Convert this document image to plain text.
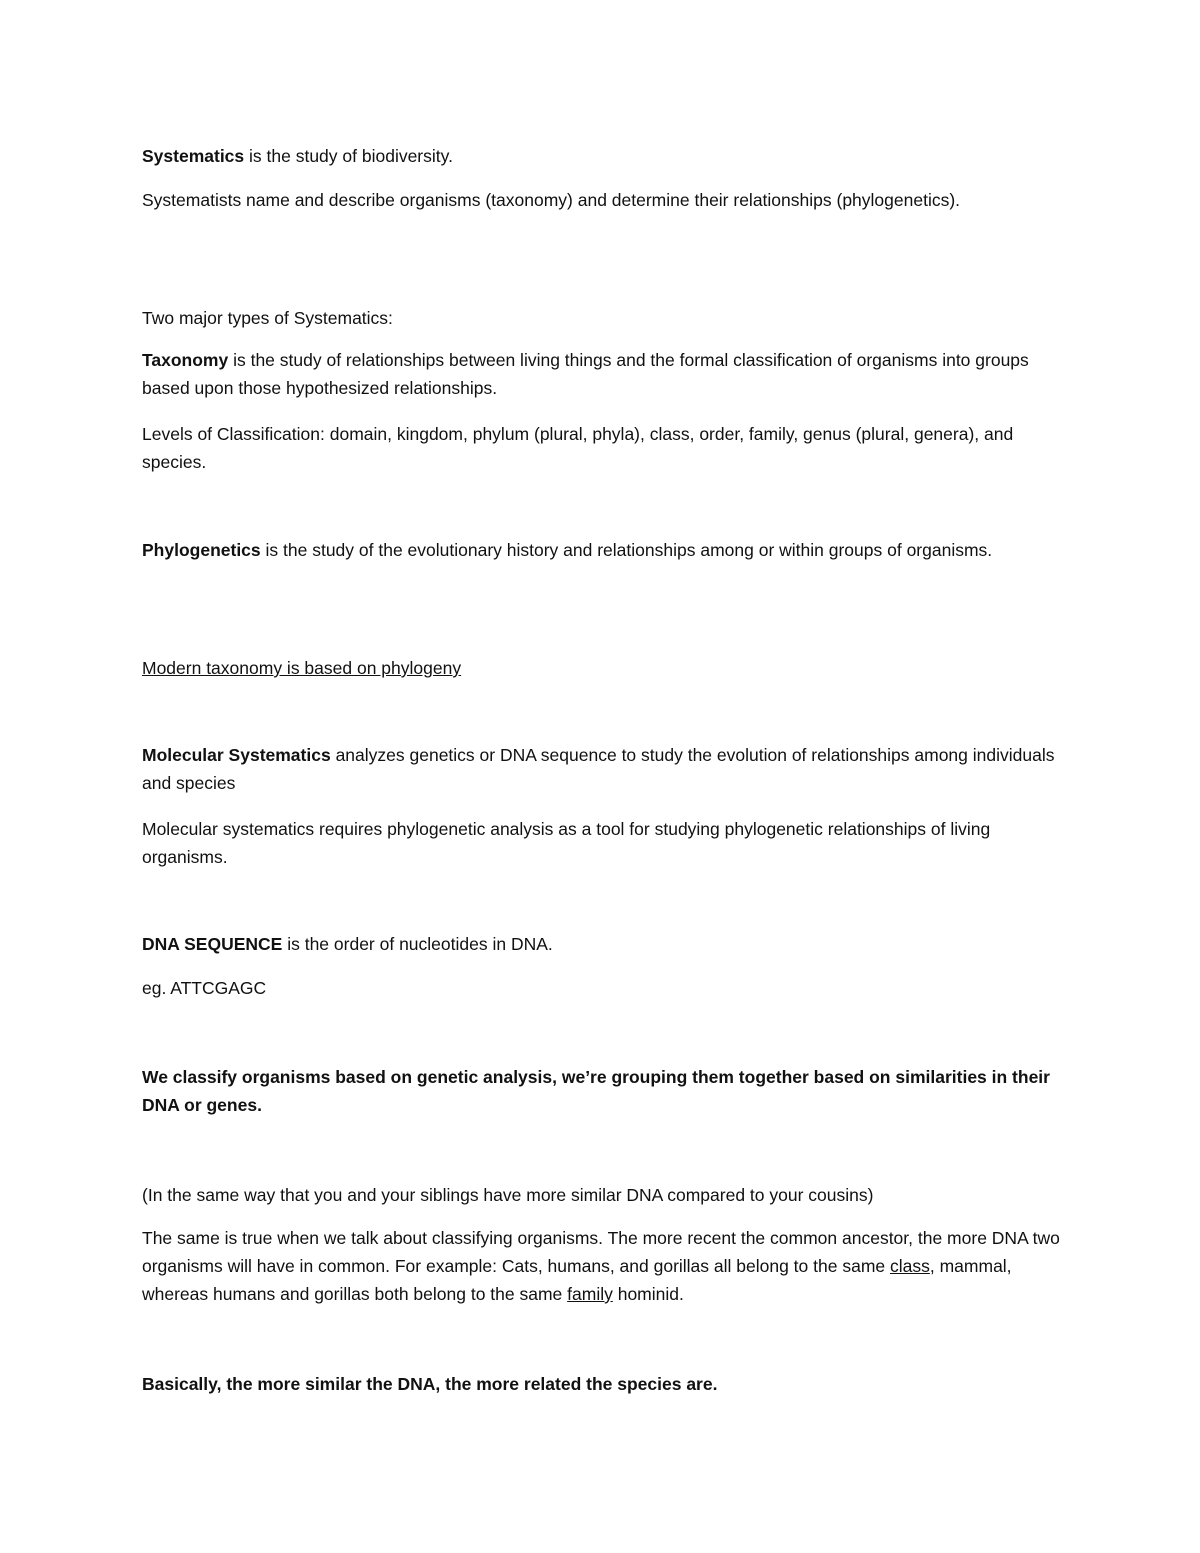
Systematics is the study of biodiversity.

Systematists name and describe organisms (taxonomy) and determine their relationships (phylogenetics).

Two major types of Systematics:

Taxonomy is the study of relationships between living things and the formal classification of organisms into groups based upon those hypothesized relationships.

Levels of Classification: domain, kingdom, phylum (plural, phyla), class, order, family, genus (plural, genera), and species.

Phylogenetics is the study of the evolutionary history and relationships among or within groups of organisms.

Modern taxonomy is based on phylogeny

Molecular Systematics analyzes genetics or DNA sequence to study the evolution of relationships among individuals and species

Molecular systematics requires phylogenetic analysis as a tool for studying phylogenetic relationships of living organisms.

DNA SEQUENCE is the order of nucleotides in DNA.

eg. ATTCGAGC

We classify organisms based on genetic analysis, we’re grouping them together based on similarities in their DNA or genes.

(In the same way that you and your siblings have more similar DNA compared to your cousins)

The same is true when we talk about classifying organisms. The more recent the common ancestor, the more DNA two organisms will have in common. For example: Cats, humans, and gorillas all belong to the same class, mammal, whereas humans and gorillas both belong to the same family hominid.

Basically, the more similar the DNA, the more related the species are.
